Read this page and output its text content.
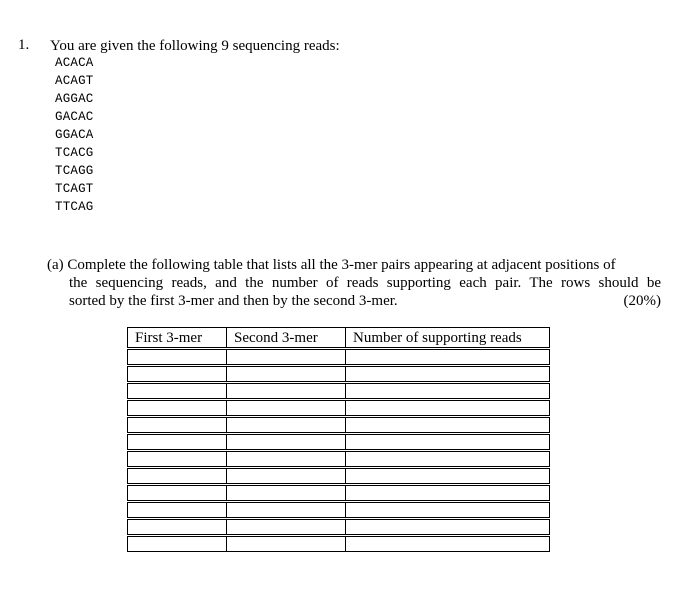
1. You are given the following 9 sequencing reads:
ACACA
ACAGT
AGGAC
GACAC
GGACA
TCACG
TCAGG
TCAGT
TTCAG
(a) Complete the following table that lists all the 3-mer pairs appearing at adjacent positions of
the sequencing reads, and the number of reads supporting each pair. The rows should be
sorted by the first 3-mer and then by the second 3-mer.	(20%)
First 3-mer	Second 3-mer	Number of supporting reads
